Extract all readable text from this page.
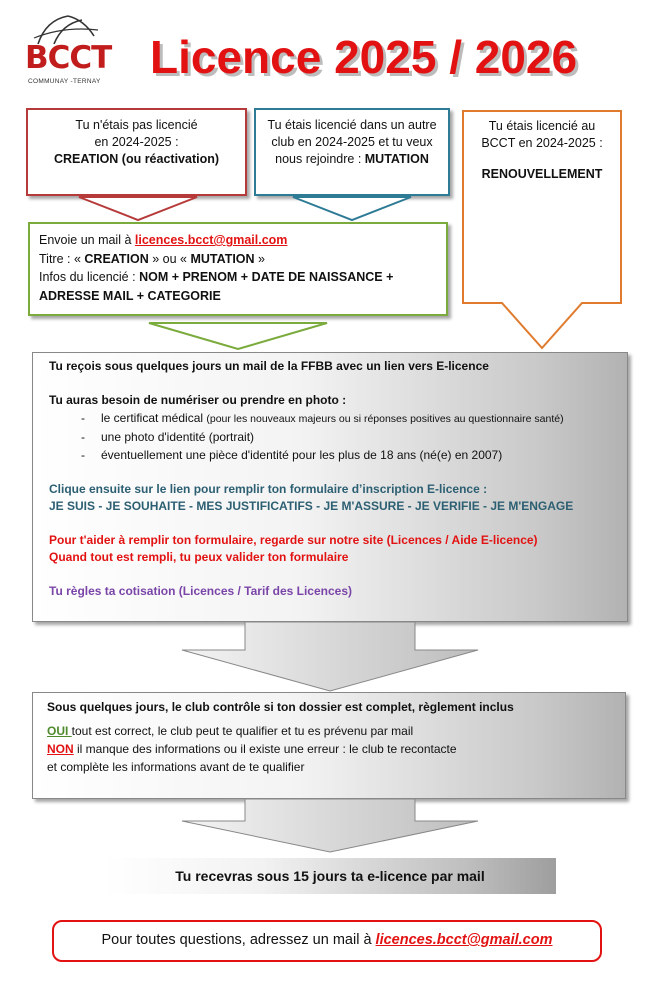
BCCT
COMMUNAY -TERNAY Licence 2025 / 2026

Tu n'étais pas licencié

en 2024-2025 :

CREATION (ou réactivation)

Tu étais licencié dans un autre

club en 2024-2025 et tu veux

nous rejoindre : MUTATION

Tu étais licencié au

BCCT en 2024-2025 :

RENOUVELLEMENT

Envoie un mail à licences.bcct@gmail.com

Titre : « CREATION » ou « MUTATION »

Infos du licencié : NOM + PRENOM + DATE DE NAISSANCE +

ADRESSE MAIL + CATEGORIE

Tu reçois sous quelques jours un mail de la FFBB avec un lien vers E-licence

Tu auras besoin de numériser ou prendre en photo :

- le certificat médical (pour les nouveaux majeurs ou si réponses positives au questionnaire santé)
- une photo d'identité (portrait)
- éventuellement une pièce d'identité pour les plus de 18 ans (né(e) en 2007)

Clique ensuite sur le lien pour remplir ton formulaire d’inscription E-licence :

JE SUIS - JE SOUHAITE - MES JUSTIFICATIFS - JE M'ASSURE - JE VERIFIE - JE M'ENGAGE

Pour t'aider à remplir ton formulaire, regarde sur notre site (Licences / Aide E-licence)

Quand tout est rempli, tu peux valider ton formulaire

Tu règles ta cotisation (Licences / Tarif des Licences)

Sous quelques jours, le club contrôle si ton dossier est complet, règlement inclus

OUI tout est correct, le club peut te qualifier et tu es prévenu par mail

NON il manque des informations ou il existe une erreur : le club te recontacte

et complète les informations avant de te qualifier

Tu recevras sous 15 jours ta e-licence par mail
Pour toutes questions, adressez un mail à licences.bcct@gmail.com
